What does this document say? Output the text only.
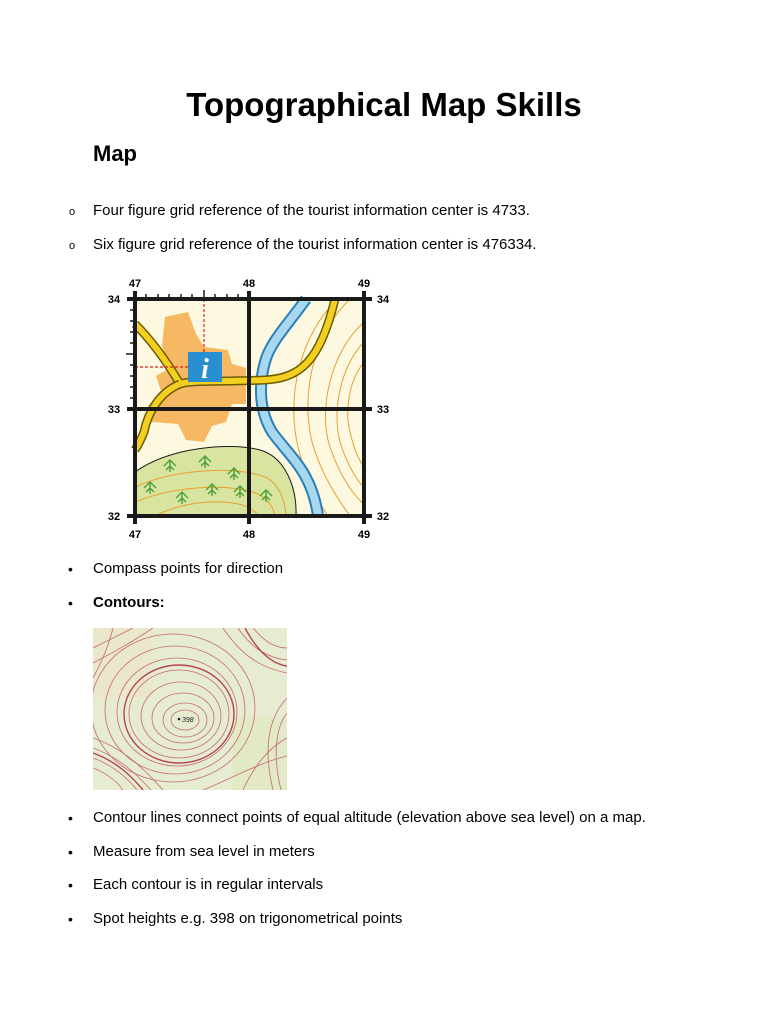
Topographical Map Skills
Map
o Four figure grid reference of the tourist information center is 4733.

o Six figure grid reference of the tourist information center is 476334.

i
47	48	49
47	48	49
34
33
32
34
33
32
• Compass points for direction

• Contours:

398
• Contour lines connect points of equal altitude (elevation above sea level) on a map.

• Measure from sea level in meters

• Each contour is in regular intervals

• Spot heights e.g. 398 on trigonometrical points
